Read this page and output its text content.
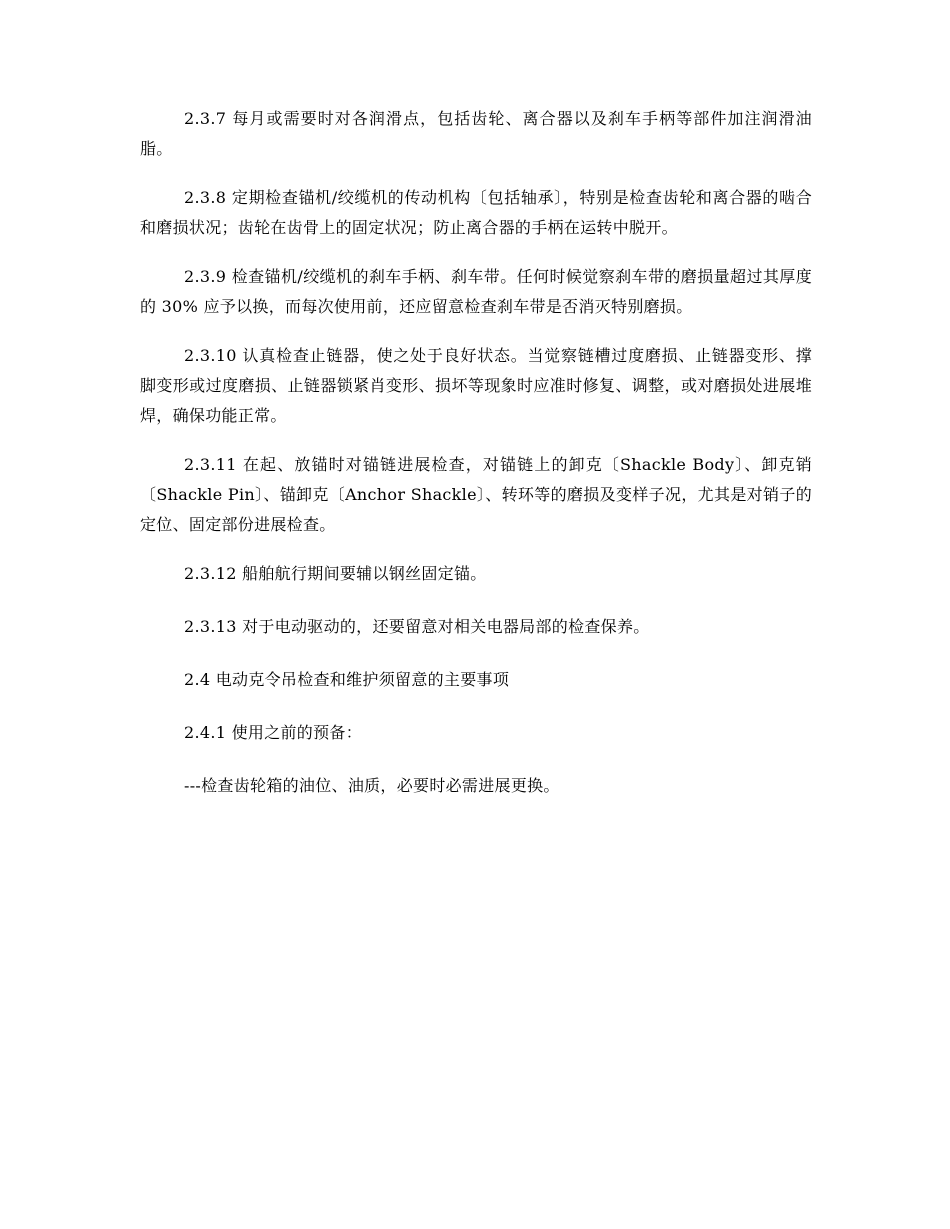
2.3.7 每月或需要时对各润滑点，包括齿轮、离合器以及刹车手柄等部件加注润滑油脂。

2.3.8 定期检查锚机/绞缆机的传动机构〔包括轴承〕，特别是检查齿轮和离合器的啮合和磨损状况；齿轮在齿骨上的固定状况；防止离合器的手柄在运转中脱开。

2.3.9 检查锚机/绞缆机的刹车手柄、刹车带。任何时候觉察刹车带的磨损量超过其厚度的 30% 应予以换，而每次使用前，还应留意检查刹车带是否消灭特别磨损。

2.3.10 认真检查止链器，使之处于良好状态。当觉察链槽过度磨损、止链器变形、撑脚变形或过度磨损、止链器锁紧肖变形、损坏等现象时应准时修复、调整，或对磨损处进展堆焊，确保功能正常。

2.3.11 在起、放锚时对锚链进展检查，对锚链上的卸克〔Shackle Body〕、卸克销〔Shackle Pin〕、锚卸克〔Anchor Shackle〕、转环等的磨损及变样子况，尤其是对销子的定位、固定部份进展检查。

2.3.12 船舶航行期间要辅以钢丝固定锚。

2.3.13 对于电动驱动的，还要留意对相关电器局部的检查保养。

2.4 电动克令吊检查和维护须留意的主要事项

2.4.1 使用之前的预备：

---检查齿轮箱的油位、油质，必要时必需进展更换。
